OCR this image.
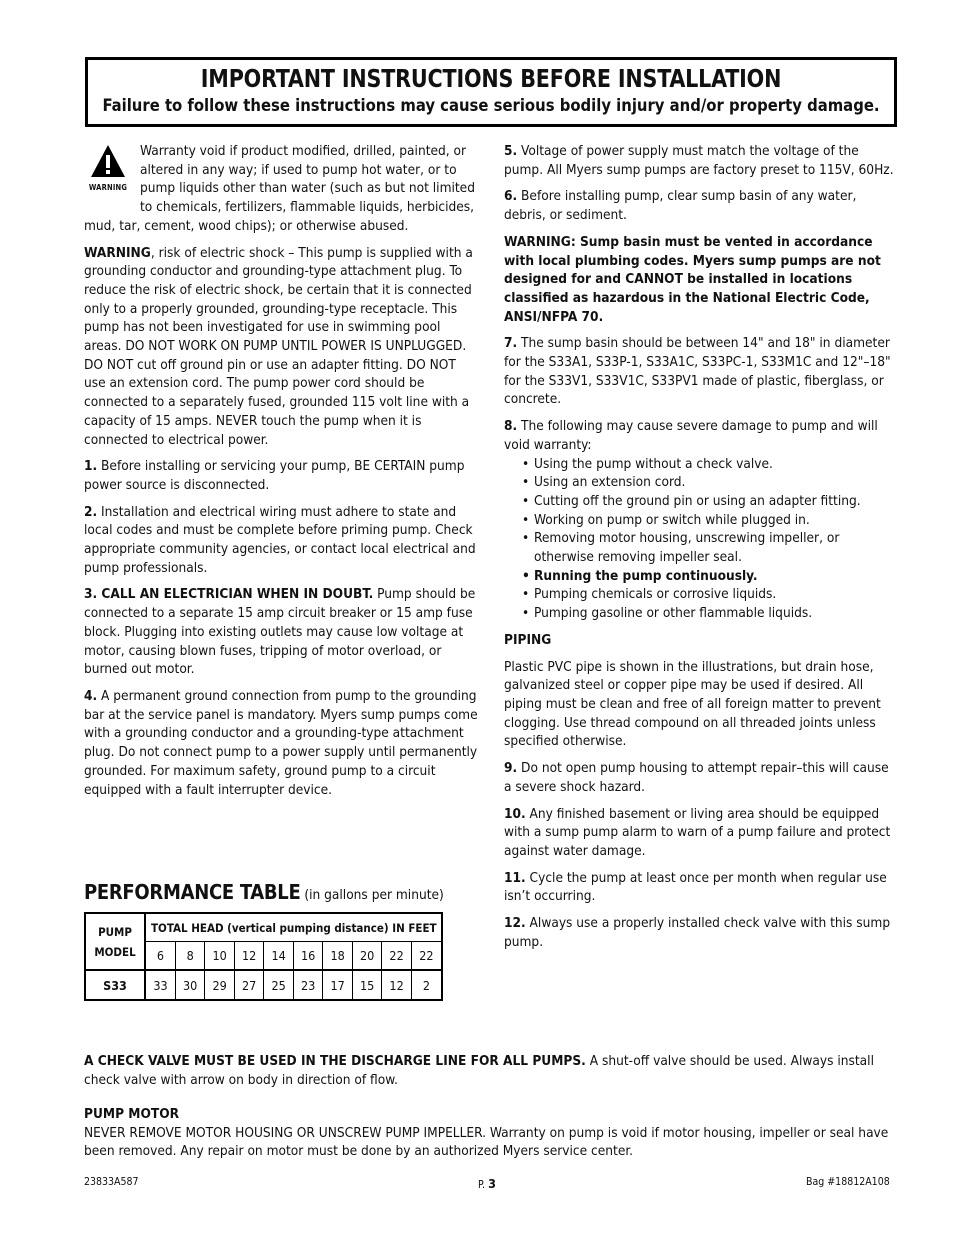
IMPORTANT INSTRUCTIONS BEFORE INSTALLATION
Failure to follow these instructions may cause serious bodily injury and/or property damage.
WARNING

Warranty void if product modified, drilled, painted, or altered in any way; if used to pump hot water, or to pump liquids other than water (such as but not limited to chemicals, fertilizers, flammable liquids, herbicides, mud, tar, cement, wood chips); or otherwise abused.

WARNING, risk of electric shock – This pump is supplied with a grounding conductor and grounding-type attachment plug. To reduce the risk of electric shock, be certain that it is connected only to a properly grounded, grounding-type receptacle. This pump has not been investigated for use in swimming pool areas. DO NOT WORK ON PUMP UNTIL POWER IS UNPLUGGED. DO NOT cut off ground pin or use an adapter fitting. DO NOT use an extension cord. The pump power cord should be connected to a separately fused, grounded 115 volt line with a capacity of 15 amps. NEVER touch the pump when it is connected to electrical power.

1. Before installing or servicing your pump, BE CERTAIN pump power source is disconnected.

2. Installation and electrical wiring must adhere to state and local codes and must be complete before priming pump. Check appropriate community agencies, or contact local electrical and pump professionals.

3. CALL AN ELECTRICIAN WHEN IN DOUBT. Pump should be connected to a separate 15 amp circuit breaker or 15 amp fuse block. Plugging into existing outlets may cause low voltage at motor, causing blown fuses, tripping of motor overload, or burned out motor.

4. A permanent ground connection from pump to the grounding bar at the service panel is mandatory. Myers sump pumps come with a grounding conductor and a grounding-type attachment plug. Do not connect pump to a power supply until permanently grounded. For maximum safety, ground pump to a circuit equipped with a fault interrupter device.

5. Voltage of power supply must match the voltage of the pump. All Myers sump pumps are factory preset to 115V, 60Hz.

6. Before installing pump, clear sump basin of any water, debris, or sediment.

WARNING: Sump basin must be vented in accordance with local plumbing codes. Myers sump pumps are not designed for and CANNOT be installed in locations classified as hazardous in the National Electric Code, ANSI/NFPA 70.

7. The sump basin should be between 14" and 18" in diameter for the S33A1, S33P-1, S33A1C, S33PC-1, S33M1C and 12"–18" for the S33V1, S33V1C, S33PV1 made of plastic, fiberglass, or concrete.

8. The following may cause severe damage to pump and will void warranty:

• Using the pump without a check valve.
• Using an extension cord.
• Cutting off the ground pin or using an adapter fitting.
• Working on pump or switch while plugged in.
• Removing motor housing, unscrewing impeller, or otherwise removing impeller seal.
• Running the pump continuously.
• Pumping chemicals or corrosive liquids.
• Pumping gasoline or other flammable liquids.

PIPING

Plastic PVC pipe is shown in the illustrations, but drain hose, galvanized steel or copper pipe may be used if desired. All piping must be clean and free of all foreign matter to prevent clogging. Use thread compound on all threaded joints unless specified otherwise.

9. Do not open pump housing to attempt repair–this will cause a severe shock hazard.

10. Any finished basement or living area should be equipped with a sump pump alarm to warn of a pump failure and protect against water damage.

11. Cycle the pump at least once per month when regular use isn’t occurring.

12. Always use a properly installed check valve with this sump pump.

PERFORMANCE TABLE (in gallons per minute)
PUMP
MODEL	TOTAL HEAD (vertical pumping distance) IN FEET									
	6	8	10	12	14	16	18	20	22	22
S33	33	30	29	27	25	23	17	15	12	2

A CHECK VALVE MUST BE USED IN THE DISCHARGE LINE FOR ALL PUMPS. A shut-off valve should be used. Always install check valve with arrow on body in direction of flow.

PUMP MOTOR

NEVER REMOVE MOTOR HOUSING OR UNSCREW PUMP IMPELLER. Warranty on pump is void if motor housing, impeller or seal have been removed. Any repair on motor must be done by an authorized Myers service center.

23833A587	P. 3	Bag #18812A108
